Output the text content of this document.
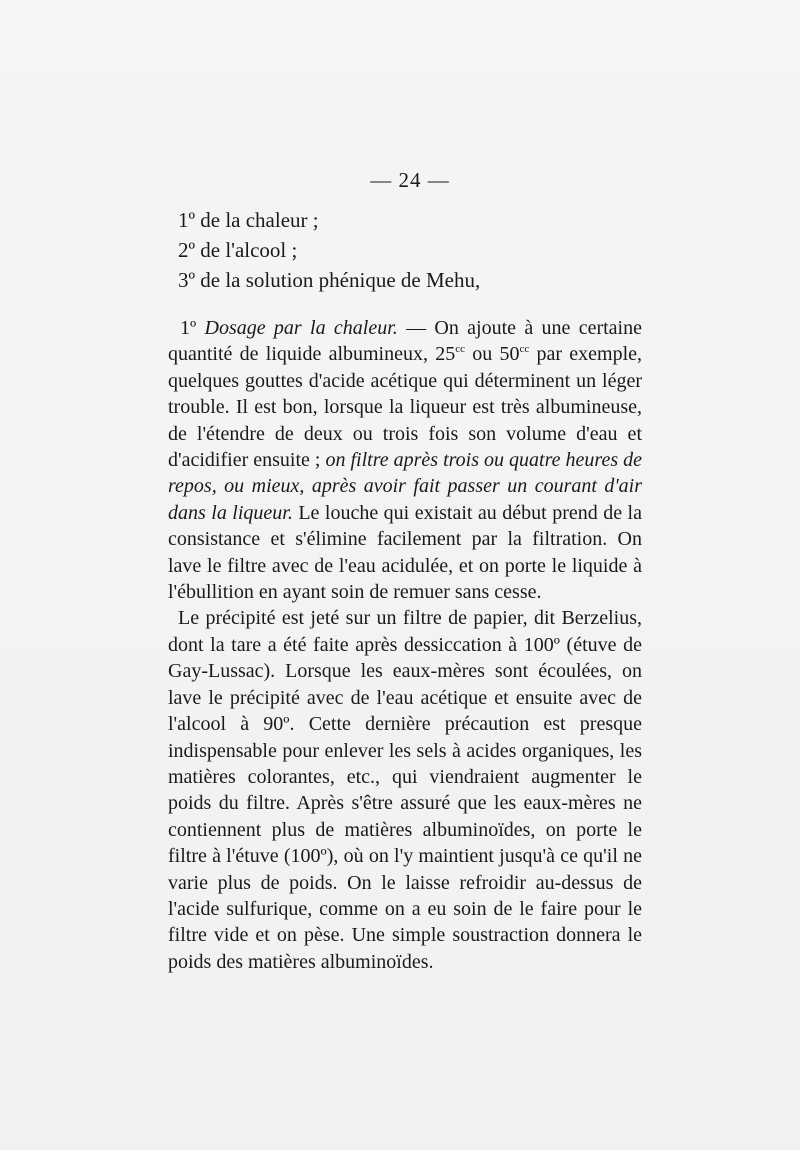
— 24 —
1º de la chaleur ;
2º de l'alcool ;
3º de la solution phénique de Mehu,

1º Dosage par la chaleur. — On ajoute à une certaine quantité de liquide albumineux, $25^{cc}$ ou $50^{cc}$ par exemple, quelques gouttes d'acide acétique qui déterminent un léger trouble. Il est bon, lorsque la liqueur est très albumineuse, de l'étendre de deux ou trois fois son volume d'eau et d'acidifier ensuite ; on filtre après trois ou quatre heures de repos, ou mieux, après avoir fait passer un courant d'air dans la liqueur. Le louche qui existait au début prend de la consistance et s'élimine facilement par la filtration. On lave le filtre avec de l'eau acidulée, et on porte le liquide à l'ébullition en ayant soin de remuer sans cesse.

Le précipité est jeté sur un filtre de papier, dit Berzelius, dont la tare a été faite après dessiccation à 100º (étuve de Gay-Lussac). Lorsque les eaux-mères sont écoulées, on lave le précipité avec de l'eau acétique et ensuite avec de l'alcool à 90º. Cette dernière précaution est presque indispensable pour enlever les sels à acides organiques, les matières colorantes, etc., qui viendraient augmenter le poids du filtre. Après s'être assuré que les eaux-mères ne contiennent plus de matières albuminoïdes, on porte le filtre à l'étuve (100º), où on l'y maintient jusqu'à ce qu'il ne varie plus de poids. On le laisse refroidir au-dessus de l'acide sulfurique, comme on a eu soin de le faire pour le filtre vide et on pèse. Une simple soustraction donnera le poids des matières albuminoïdes.
